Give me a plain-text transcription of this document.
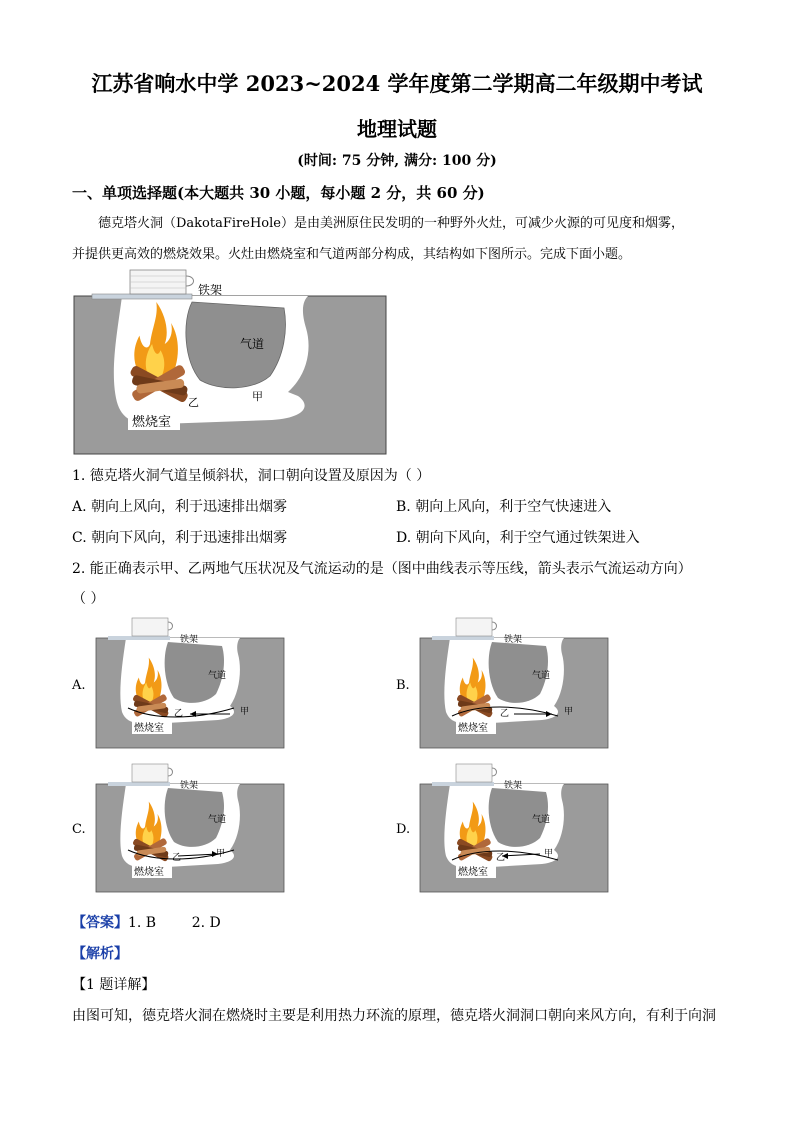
江苏省响水中学 2023~2024 学年度第二学期高二年级期中考试
地理试题
(时间: 75 分钟, 满分: 100 分)
一、单项选择题(本大题共 30 小题，每小题 2 分，共 60 分)
德克塔火洞（DakotaFireHole）是由美洲原住民发明的一种野外火灶，可减少火源的可见度和烟雾，
并提供更高效的燃烧效果。火灶由燃烧室和气道两部分构成，其结构如下图所示。完成下面小题。
铁架
气道
甲
乙
燃烧室
1. 德克塔火洞气道呈倾斜状，洞口朝向设置及原因为（ ）
A. 朝向上风向，利于迅速排出烟雾	B. 朝向上风向，利于空气快速进入
C. 朝向下风向，利于迅速排出烟雾	D. 朝向下风向，利于空气通过铁架进入
2. 能正确表示甲、乙两地气压状况及气流运动的是（图中曲线表示等压线，箭头表示气流运动方向）
（ ）
A.	B.
C.	D.
铁架
气道
甲
乙
燃烧室
铁架
气道
甲
乙
燃烧室
铁架
气道
甲
乙
燃烧室
铁架
气道
甲
乙
燃烧室
【答案】1. B        2. D
【解析】
【1 题详解】
由图可知，德克塔火洞在燃烧时主要是利用热力环流的原理，德克塔火洞洞口朝向来风方向，有利于向洞
